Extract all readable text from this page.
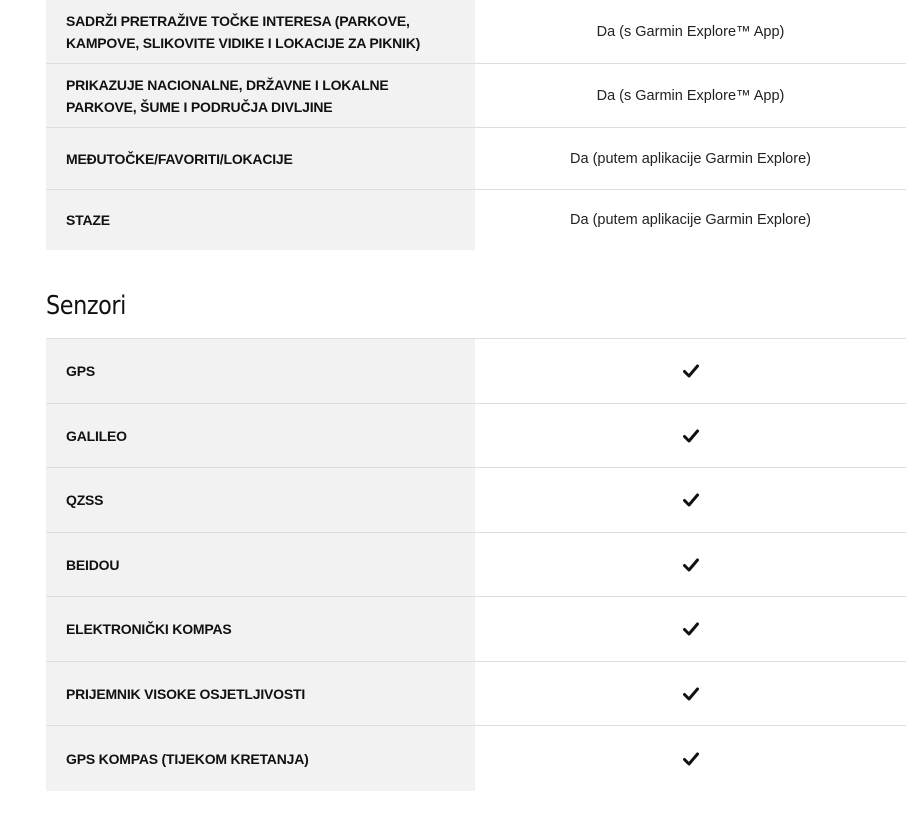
SADRŽI PRETRAŽIVE TOČKE INTERESA (PARKOVE, KAMPOVE, SLIKOVITE VIDIKE I LOKACIJE ZA PIKNIK)
Da (s Garmin Explore™ App)
PRIKAZUJE NACIONALNE, DRŽAVNE I LOKALNE PARKOVE, ŠUME I PODRUČJA DIVLJINE
Da (s Garmin Explore™ App)
MEĐUTOČKE/FAVORITI/LOKACIJE	Da (putem aplikacije Garmin Explore)
STAZE	Da (putem aplikacije Garmin Explore)
Senzori
GPS
GALILEO
QZSS
BEIDOU
ELEKTRONIČKI KOMPAS
PRIJEMNIK VISOKE OSJETLJIVOSTI
GPS KOMPAS (TIJEKOM KRETANJA)
